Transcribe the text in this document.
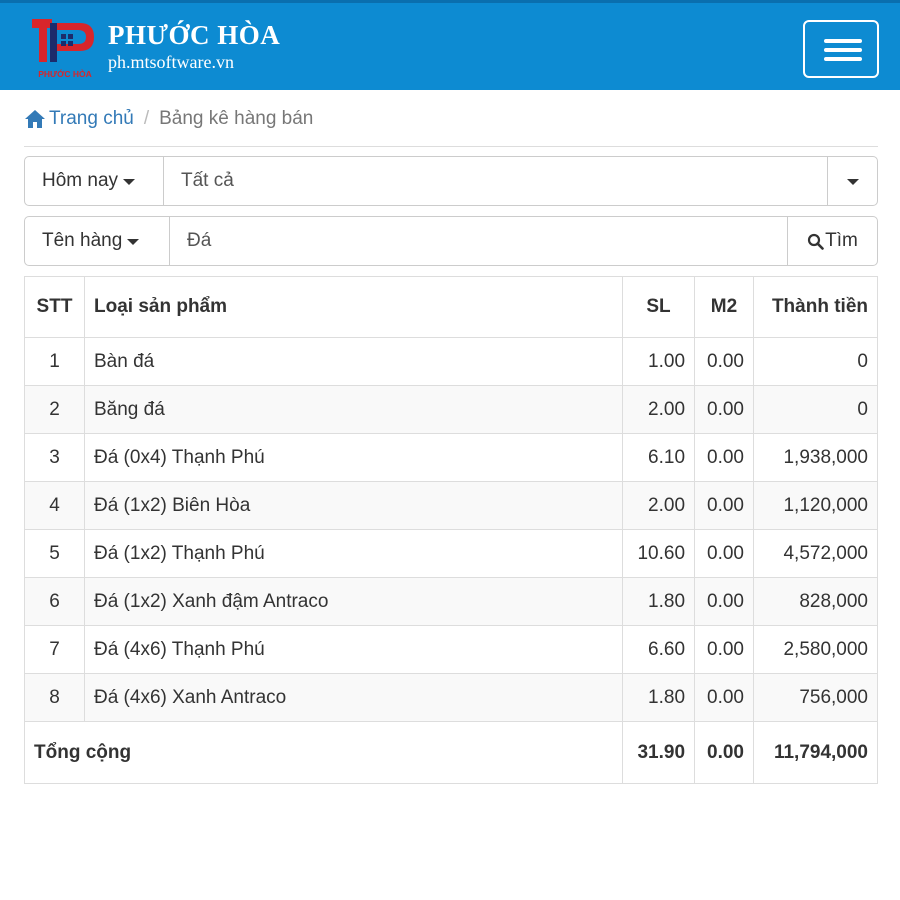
PHƯỚC HÒA
PHƯỚC HÒA
ph.mtsoftware.vn
Trang chủ / Bảng kê hàng bán
Hôm nay	Tất cả
Tên hàng	Đá	Tìm
STT	Loại sản phẩm	SL	M2	Thành tiền
1	Bàn đá	1.00	0.00	0
2	Băng đá	2.00	0.00	0
3	Đá (0x4) Thạnh Phú	6.10	0.00	1,938,000
4	Đá (1x2) Biên Hòa	2.00	0.00	1,120,000
5	Đá (1x2) Thạnh Phú	10.60	0.00	4,572,000
6	Đá (1x2) Xanh đậm Antraco	1.80	0.00	828,000
7	Đá (4x6) Thạnh Phú	6.60	0.00	2,580,000
8	Đá (4x6) Xanh Antraco	1.80	0.00	756,000
Tổng cộng		31.90	0.00	11,794,000
